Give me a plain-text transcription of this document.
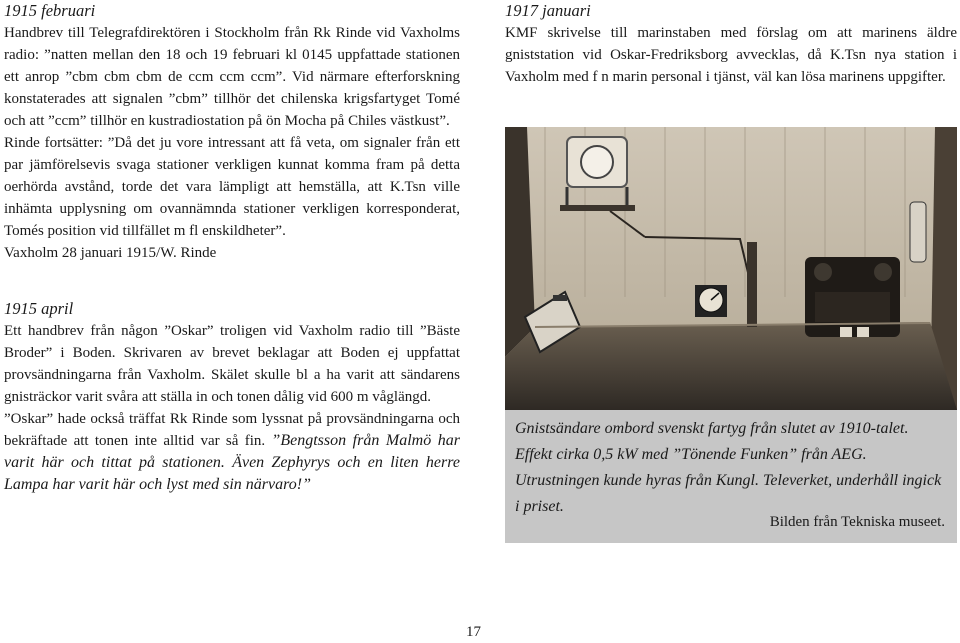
1915 februari

Handbrev till Telegrafdirektören i Stockholm från Rk Rinde vid Vaxholms radio: ”natten mellan den 18 och 19 februari kl 0145 uppfattade stationen ett anrop ”cbm cbm cbm de ccm ccm ccm”. Vid närmare efterforskning konstaterades att signalen ”cbm” tillhör det chilenska krigsfartyget Tomé och att ”ccm” tillhör en kustradiostation på ön Mocha på Chiles västkust”.

Rinde fortsätter: ”Då det ju vore intressant att få veta, om signaler från ett par jämförelsevis svaga stationer verkligen kunnat komma fram på detta oerhörda avstånd, torde det vara lämpligt att hemställa, att K.Tsn ville inhämta upplysning om ovannämnda stationer verkligen korresponderat, Tomés position vid tillfället m fl enskildheter”.

Vaxholm 28 januari 1915/W. Rinde

1915 april

Ett handbrev från någon ”Oskar” troligen vid Vaxholm radio till ”Bäste Broder” i Boden. Skrivaren av brevet beklagar att Boden ej uppfattat provsändningarna från Vaxholm. Skälet skulle bl a ha varit att sändarens gnisträckor varit svåra att ställa in och tonen dålig vid 600 m våglängd.

”Oskar” hade också träffat Rk Rinde som lyssnat på provsändningarna och bekräftade att tonen inte alltid var så fin. ”Bengtsson från Malmö har varit här och tittat på stationen. Även Zephyrys och en liten herre Lampa har varit här och lyst med sin närvaro!”

1917 januari

KMF skrivelse till marinstaben med förslag om att marinens äldre gniststation vid Oskar-Fredriksborg avvecklas, då K.Tsn nya station i Vaxholm med f n marin personal i tjänst, väl kan lösa marinens uppgifter.

Gnistsändare ombord svenskt fartyg från slutet av 1910-talet. Effekt cirka 0,5 kW med ”Tönende Funken” från AEG. Utrustningen kunde hyras från Kungl. Televerket, underhåll ingick i priset.

Bilden från Tekniska museet.
17
